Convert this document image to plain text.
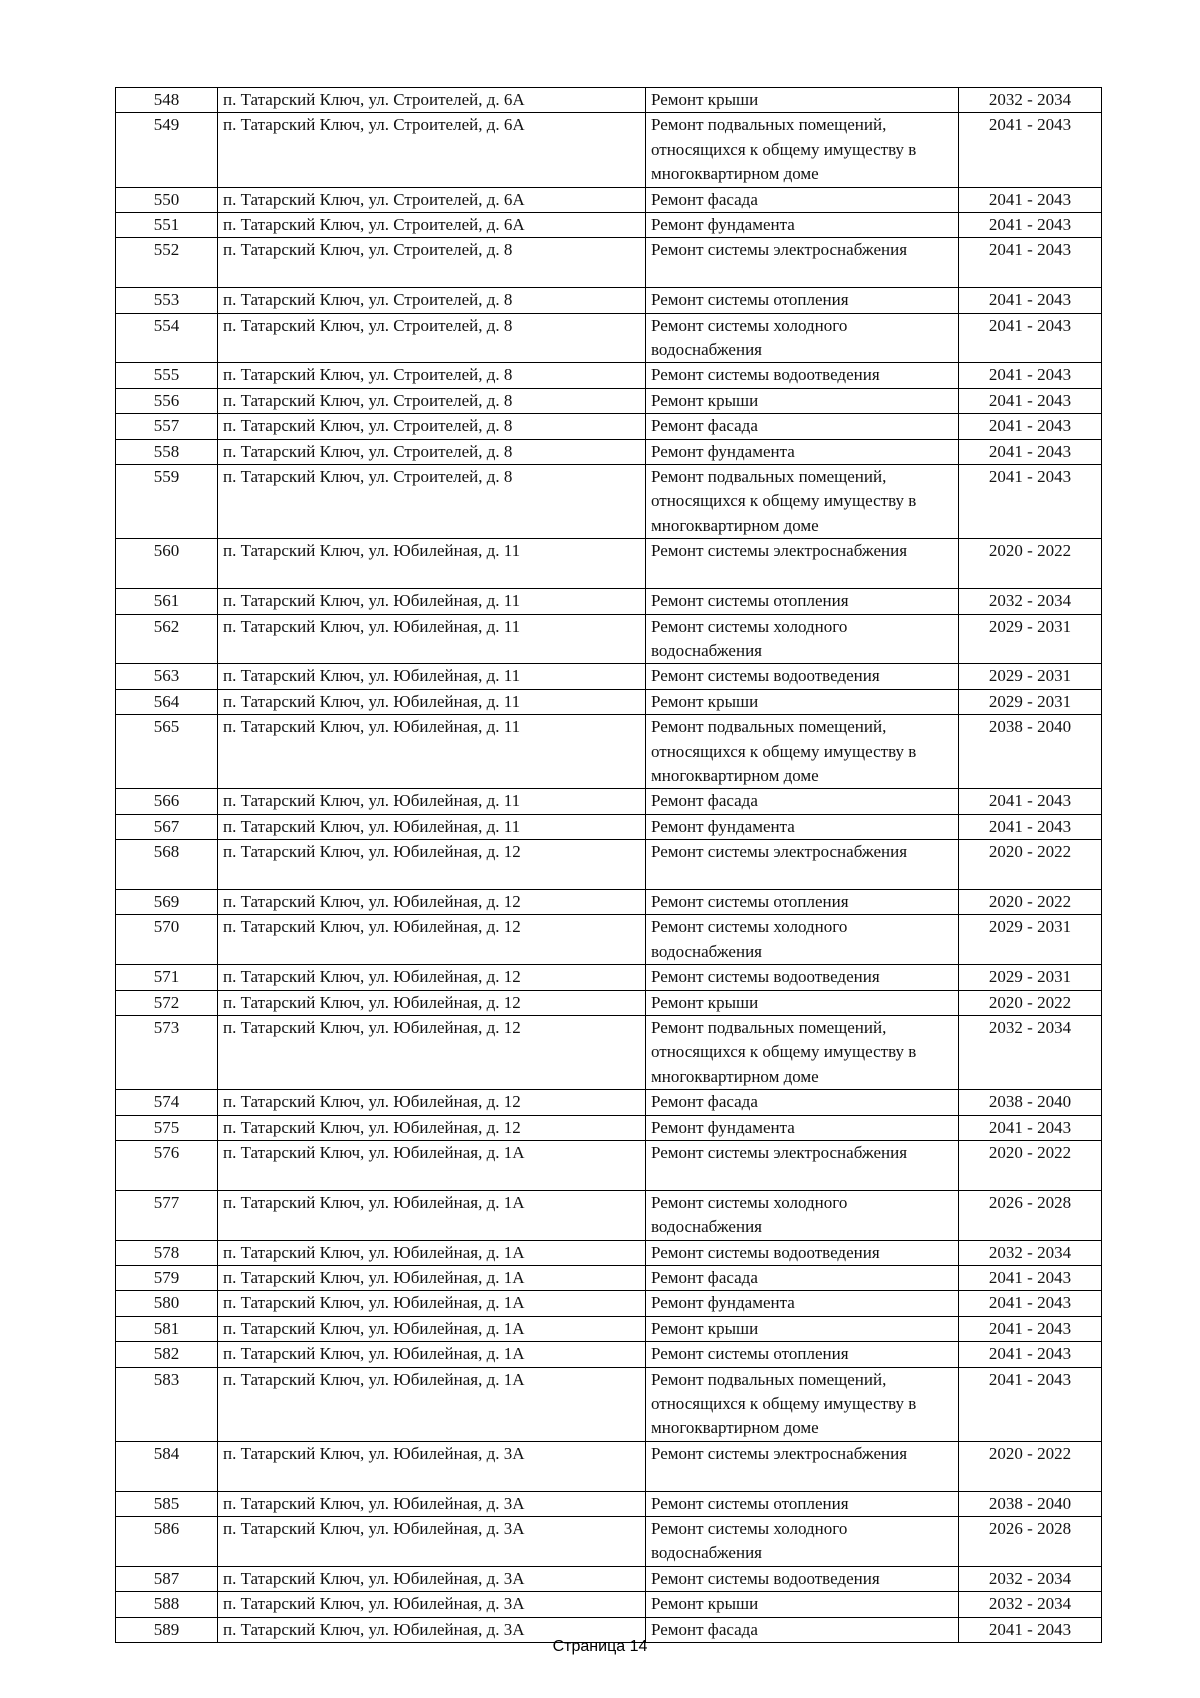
548	п. Татарский Ключ, ул. Строителей, д. 6А	Ремонт крыши	2032 - 2034
549	п. Татарский Ключ, ул. Строителей, д. 6А	Ремонт подвальных помещений, относящихся к общему имуществу в многоквартирном доме	2041 - 2043
550	п. Татарский Ключ, ул. Строителей, д. 6А	Ремонт фасада	2041 - 2043
551	п. Татарский Ключ, ул. Строителей, д. 6А	Ремонт фундамента	2041 - 2043
552	п. Татарский Ключ, ул. Строителей, д. 8	Ремонт системы электроснабжения	2041 - 2043
553	п. Татарский Ключ, ул. Строителей, д. 8	Ремонт системы отопления	2041 - 2043
554	п. Татарский Ключ, ул. Строителей, д. 8	Ремонт системы холодного водоснабжения	2041 - 2043
555	п. Татарский Ключ, ул. Строителей, д. 8	Ремонт системы водоотведения	2041 - 2043
556	п. Татарский Ключ, ул. Строителей, д. 8	Ремонт крыши	2041 - 2043
557	п. Татарский Ключ, ул. Строителей, д. 8	Ремонт фасада	2041 - 2043
558	п. Татарский Ключ, ул. Строителей, д. 8	Ремонт фундамента	2041 - 2043
559	п. Татарский Ключ, ул. Строителей, д. 8	Ремонт подвальных помещений, относящихся к общему имуществу в многоквартирном доме	2041 - 2043
560	п. Татарский Ключ, ул. Юбилейная, д. 11	Ремонт системы электроснабжения	2020 - 2022
561	п. Татарский Ключ, ул. Юбилейная, д. 11	Ремонт системы отопления	2032 - 2034
562	п. Татарский Ключ, ул. Юбилейная, д. 11	Ремонт системы холодного водоснабжения	2029 - 2031
563	п. Татарский Ключ, ул. Юбилейная, д. 11	Ремонт системы водоотведения	2029 - 2031
564	п. Татарский Ключ, ул. Юбилейная, д. 11	Ремонт крыши	2029 - 2031
565	п. Татарский Ключ, ул. Юбилейная, д. 11	Ремонт подвальных помещений, относящихся к общему имуществу в многоквартирном доме	2038 - 2040
566	п. Татарский Ключ, ул. Юбилейная, д. 11	Ремонт фасада	2041 - 2043
567	п. Татарский Ключ, ул. Юбилейная, д. 11	Ремонт фундамента	2041 - 2043
568	п. Татарский Ключ, ул. Юбилейная, д. 12	Ремонт системы электроснабжения	2020 - 2022
569	п. Татарский Ключ, ул. Юбилейная, д. 12	Ремонт системы отопления	2020 - 2022
570	п. Татарский Ключ, ул. Юбилейная, д. 12	Ремонт системы холодного водоснабжения	2029 - 2031
571	п. Татарский Ключ, ул. Юбилейная, д. 12	Ремонт системы водоотведения	2029 - 2031
572	п. Татарский Ключ, ул. Юбилейная, д. 12	Ремонт крыши	2020 - 2022
573	п. Татарский Ключ, ул. Юбилейная, д. 12	Ремонт подвальных помещений, относящихся к общему имуществу в многоквартирном доме	2032 - 2034
574	п. Татарский Ключ, ул. Юбилейная, д. 12	Ремонт фасада	2038 - 2040
575	п. Татарский Ключ, ул. Юбилейная, д. 12	Ремонт фундамента	2041 - 2043
576	п. Татарский Ключ, ул. Юбилейная, д. 1А	Ремонт системы электроснабжения	2020 - 2022
577	п. Татарский Ключ, ул. Юбилейная, д. 1А	Ремонт системы холодного водоснабжения	2026 - 2028
578	п. Татарский Ключ, ул. Юбилейная, д. 1А	Ремонт системы водоотведения	2032 - 2034
579	п. Татарский Ключ, ул. Юбилейная, д. 1А	Ремонт фасада	2041 - 2043
580	п. Татарский Ключ, ул. Юбилейная, д. 1А	Ремонт фундамента	2041 - 2043
581	п. Татарский Ключ, ул. Юбилейная, д. 1А	Ремонт крыши	2041 - 2043
582	п. Татарский Ключ, ул. Юбилейная, д. 1А	Ремонт системы отопления	2041 - 2043
583	п. Татарский Ключ, ул. Юбилейная, д. 1А	Ремонт подвальных помещений, относящихся к общему имуществу в многоквартирном доме	2041 - 2043
584	п. Татарский Ключ, ул. Юбилейная, д. 3А	Ремонт системы электроснабжения	2020 - 2022
585	п. Татарский Ключ, ул. Юбилейная, д. 3А	Ремонт системы отопления	2038 - 2040
586	п. Татарский Ключ, ул. Юбилейная, д. 3А	Ремонт системы холодного водоснабжения	2026 - 2028
587	п. Татарский Ключ, ул. Юбилейная, д. 3А	Ремонт системы водоотведения	2032 - 2034
588	п. Татарский Ключ, ул. Юбилейная, д. 3А	Ремонт крыши	2032 - 2034
589	п. Татарский Ключ, ул. Юбилейная, д. 3А	Ремонт фасада	2041 - 2043
Страница 14
